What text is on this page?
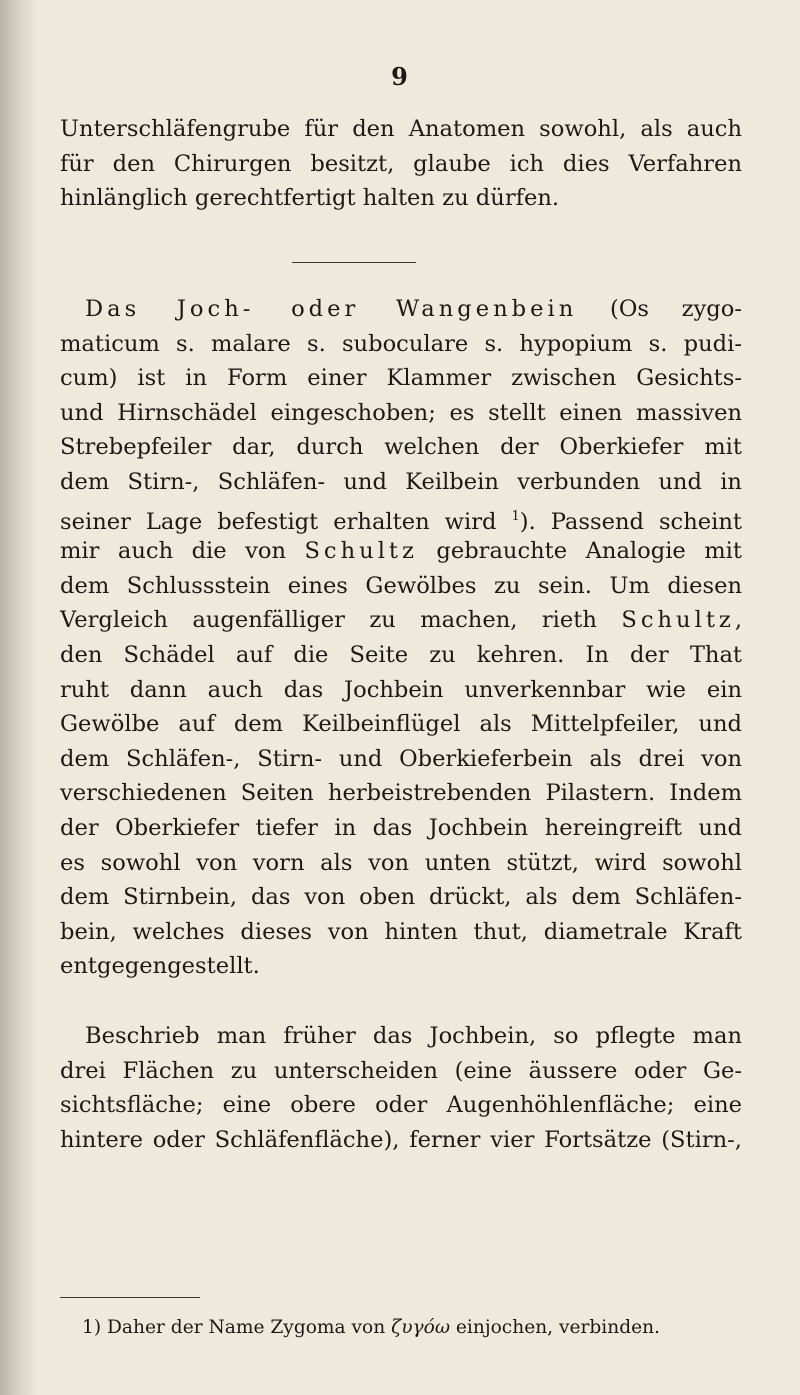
9
Unterschläfengrube für den Anatomen sowohl, als auch
für den Chirurgen besitzt, glaube ich dies Verfahren
hinlänglich gerechtfertigt halten zu dürfen.
Das Joch- oder Wangenbein (Os zygo-
maticum s. malare s. suboculare s. hypopium s. pudi-
cum) ist in Form einer Klammer zwischen Gesichts-
und Hirnschädel eingeschoben; es stellt einen massiven
Strebepfeiler dar, durch welchen der Oberkiefer mit
dem Stirn-, Schläfen- und Keilbein verbunden und in
seiner Lage befestigt erhalten wird $^1$). Passend scheint
mir auch die von Schultz gebrauchte Analogie mit
dem Schlussstein eines Gewölbes zu sein. Um diesen
Vergleich augenfälliger zu machen, rieth Schultz,
den Schädel auf die Seite zu kehren. In der That
ruht dann auch das Jochbein unverkennbar wie ein
Gewölbe auf dem Keilbeinflügel als Mittelpfeiler, und
dem Schläfen-, Stirn- und Oberkieferbein als drei von
verschiedenen Seiten herbeistrebenden Pilastern. Indem
der Oberkiefer tiefer in das Jochbein hereingreift und
es sowohl von vorn als von unten stützt, wird sowohl
dem Stirnbein, das von oben drückt, als dem Schläfen-
bein, welches dieses von hinten thut, diametrale Kraft
entgegengestellt.
Beschrieb man früher das Jochbein, so pflegte man
drei Flächen zu unterscheiden (eine äussere oder Ge-
sichtsfläche; eine obere oder Augenhöhlenfläche; eine
hintere oder Schläfenfläche), ferner vier Fortsätze (Stirn-,
1) Daher der Name Zygoma von ζυγόω einjochen, verbinden.
